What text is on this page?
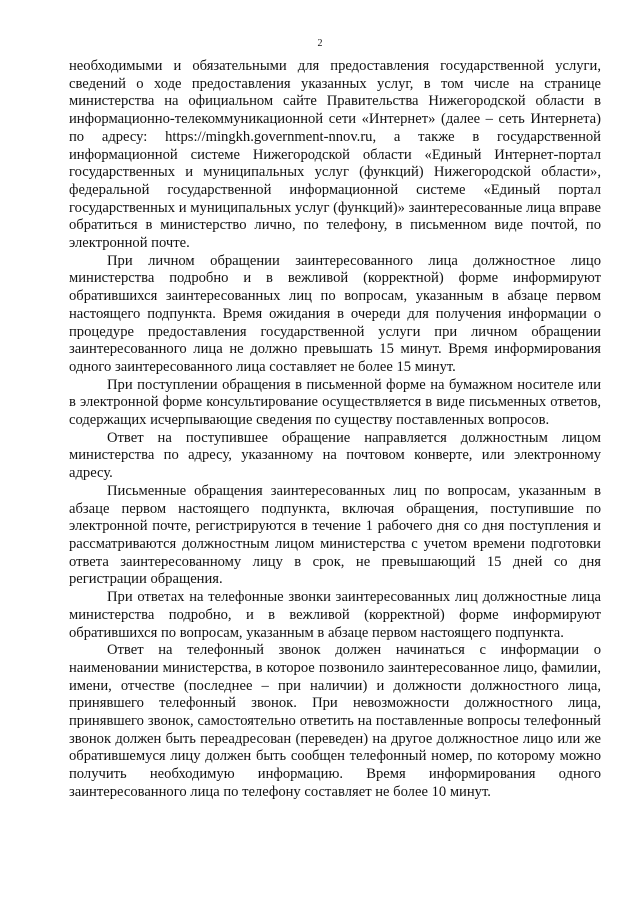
2

необходимыми и обязательными для предоставления государственной услуги, сведений о ходе предоставления указанных услуг, в том числе на странице министерства на официальном сайте Правительства Нижегородской области в информационно-телекоммуникационной сети «Интернет» (далее – сеть Интернета) по адресу: https://mingkh.government-nnov.ru, а также в государственной информационной системе Нижегородской области «Единый Интернет-портал государственных и муниципальных услуг (функций) Нижегородской области», федеральной государственной информационной системе «Единый портал государственных и муниципальных услуг (функций)» заинтересованные лица вправе обратиться в министерство лично, по телефону, в письменном виде почтой, по электронной почте.

При личном обращении заинтересованного лица должностное лицо министерства подробно и в вежливой (корректной) форме информируют обратившихся заинтересованных лиц по вопросам, указанным в абзаце первом настоящего подпункта. Время ожидания в очереди для получения информации о процедуре предоставления государственной услуги при личном обращении заинтересованного лица не должно превышать 15 минут. Время информирования одного заинтересованного лица составляет не более 15 минут.

При поступлении обращения в письменной форме на бумажном носителе или в электронной форме консультирование осуществляется в виде письменных ответов, содержащих исчерпывающие сведения по существу поставленных вопросов.

Ответ на поступившее обращение направляется должностным лицом министерства по адресу, указанному на почтовом конверте, или электронному адресу.

Письменные обращения заинтересованных лиц по вопросам, указанным в абзаце первом настоящего подпункта, включая обращения, поступившие по электронной почте, регистрируются в течение 1 рабочего дня со дня поступления и рассматриваются должностным лицом министерства с учетом времени подготовки ответа заинтересованному лицу в срок, не превышающий 15 дней со дня регистрации обращения.

При ответах на телефонные звонки заинтересованных лиц должностные лица министерства подробно, и в вежливой (корректной) форме информируют обратившихся по вопросам, указанным в абзаце первом настоящего подпункта.

Ответ на телефонный звонок должен начинаться с информации о наименовании министерства, в которое позвонило заинтересованное лицо, фамилии, имени, отчестве (последнее – при наличии) и должности должностного лица, принявшего телефонный звонок. При невозможности должностного лица, принявшего звонок, самостоятельно ответить на поставленные вопросы телефонный звонок должен быть переадресован (переведен) на другое должностное лицо или же обратившемуся лицу должен быть сообщен телефонный номер, по которому можно получить необходимую информацию. Время информирования одного заинтересованного лица по телефону составляет не более 10 минут.
